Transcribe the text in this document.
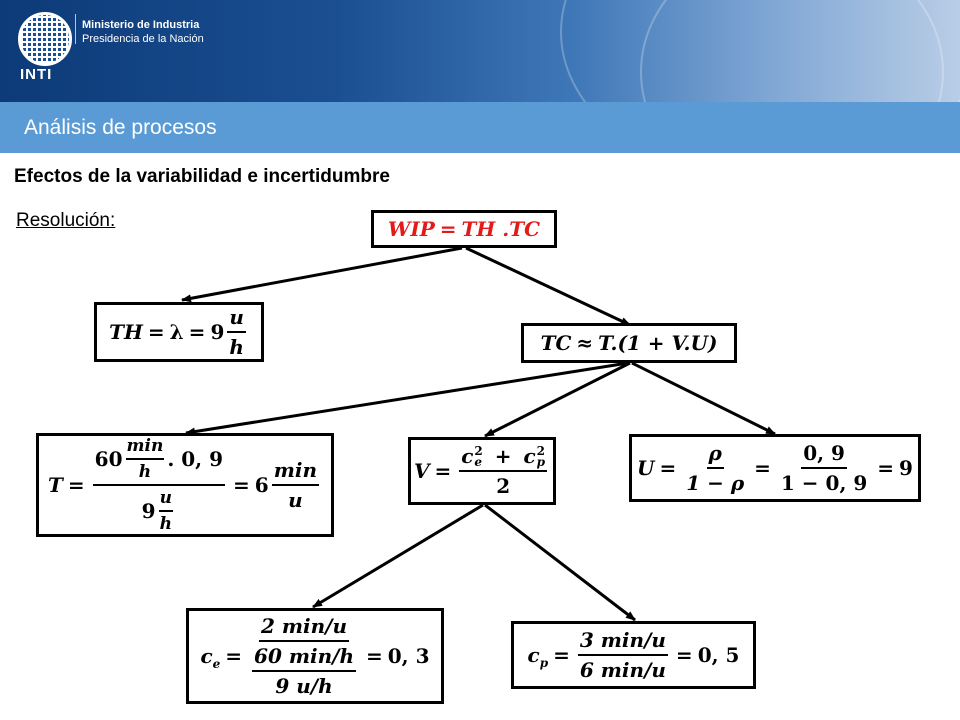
INTI
Ministerio de Industria
Presidencia de la Nación
Análisis de procesos
Efectos de la variabilidad e incertidumbre
Resolución:	WIP = TH .TC
TH = $\lambda = 9 \frac{u}{h}$	TC ≈ T. (1 + V.U)
$T = \frac{60 \frac{\min}{h} . 0, 9}{9 \frac{u}{h}} = 6 \frac{\min}{u}$	V = c 2
e + c 2
p
2	$U = \frac{\rho}{1 - \rho} = \frac{0, 9}{1 - 0, 9} = 9$
$c_e = 2$ min/u
60 min/h
9 u/h = 0, 3	$c_p = \frac{3 \min/u}{6 \min/u} = 0$, 5
